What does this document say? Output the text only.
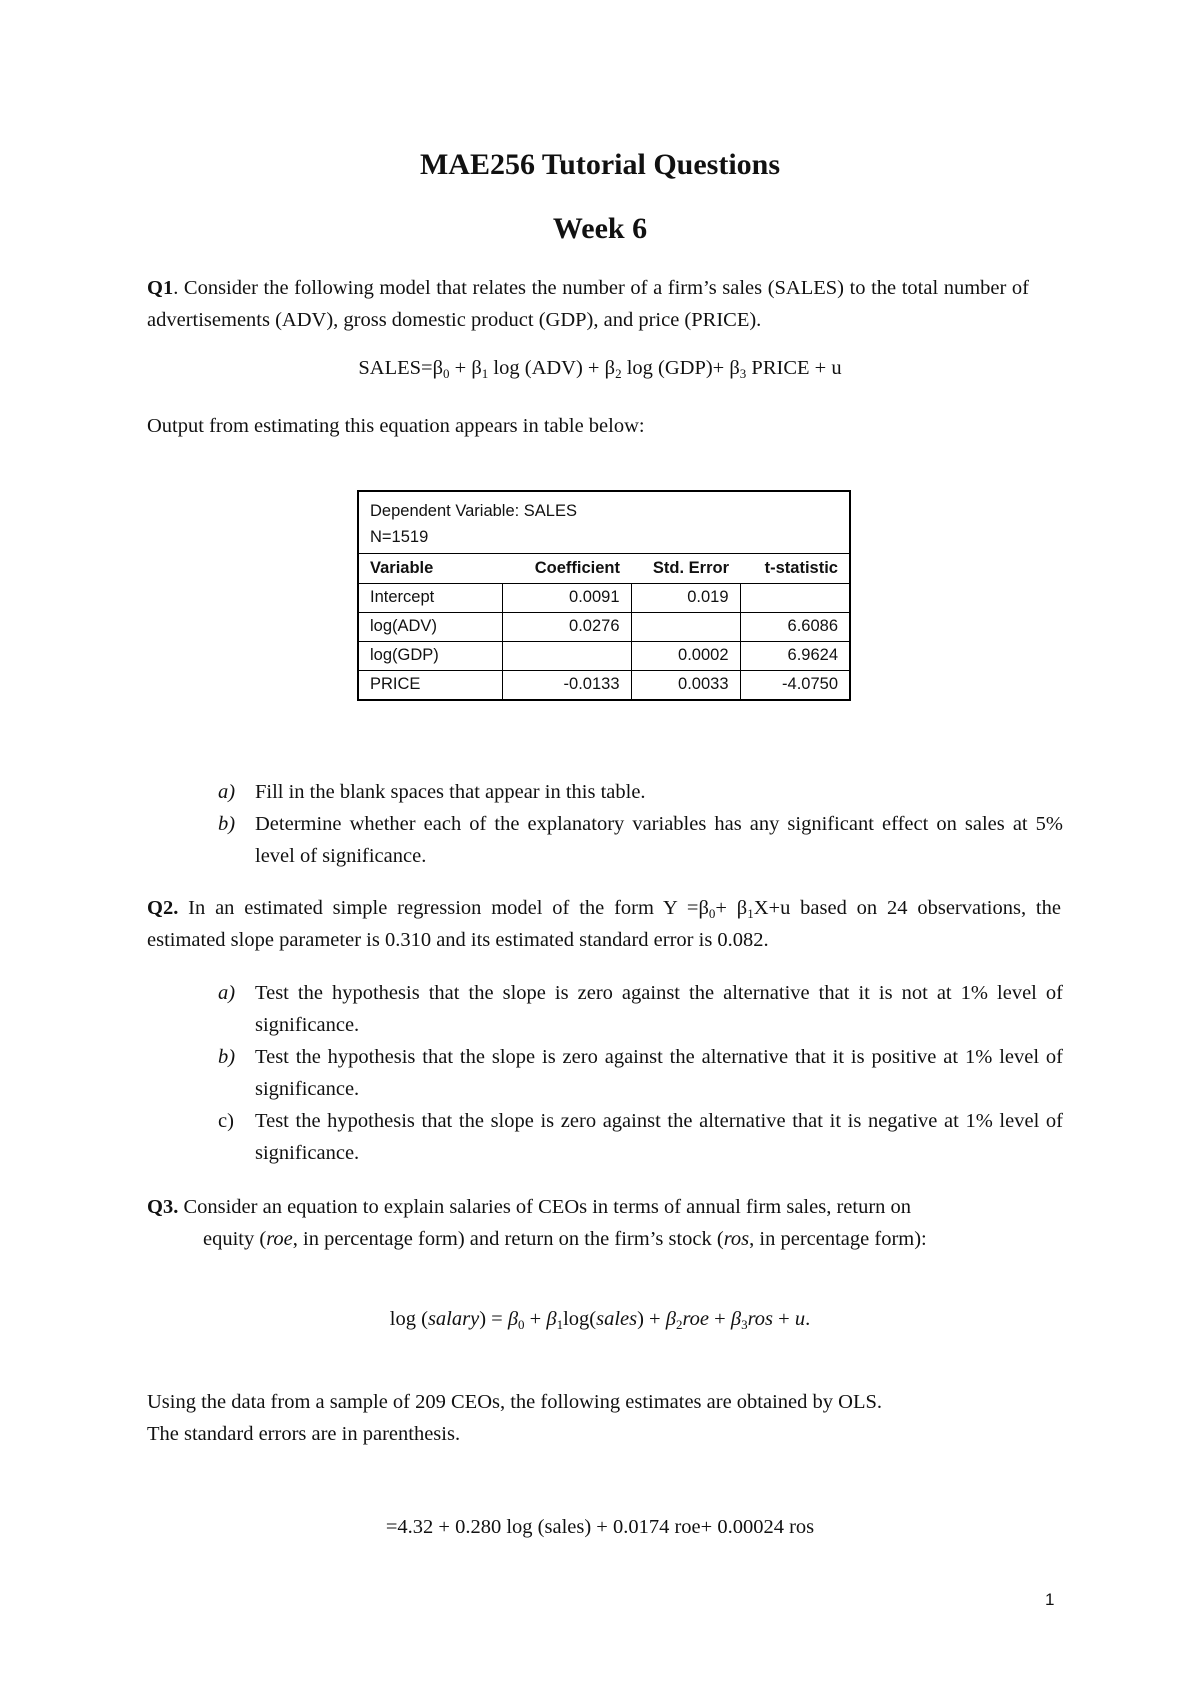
MAE256 Tutorial Questions
Week 6
Q1. Consider the following model that relates the number of a firm’s sales (SALES) to the total number of advertisements (ADV), gross domestic product (GDP), and price (PRICE).
$SALES=\beta_0 + \beta_1$ $\log (ADV) + \beta_2$ $\log (GDP)+ \beta_3$ PRICE + u
Output from estimating this equation appears in table below:
Dependent Variable: SALES
N=1519
Variable	Coefficient	Std. Error	t-statistic
Intercept	0.0091	0.019	
log(ADV)	0.0276		6.6086
log(GDP)		0.0002	6.9624
PRICE	-0.0133	0.0033	-4.0750
a) Fill in the blank spaces that appear in this table.
b) Determine whether each of the explanatory variables has any significant effect on sales at 5% level of significance.
Q2. In an estimated simple regression model of the form $Y =\beta_0+ \beta_1X+u$ based on 24 observations, the estimated slope parameter is 0.310 and its estimated standard error is 0.082.
a) Test the hypothesis that the slope is zero against the alternative that it is not at 1% level of significance.
b) Test the hypothesis that the slope is zero against the alternative that it is positive at 1% level of significance.
c)	Test the hypothesis that the slope is zero against the alternative that it is negative at 1% level of significance.
Q3. Consider an equation to explain salaries of CEOs in terms of annual firm sales, return on
equity (roe, in percentage form) and return on the firm’s stock (ros, in percentage form):
log (salary) = $\beta_0$ + $\beta_1\log(sales) + \beta_2roe + \beta_3ros + u$.
Using the data from a sample of 209 CEOs, the following estimates are obtained by OLS.
The standard errors are in parenthesis.
=4.32 + 0.280 log (sales) + 0.0174 roe+ 0.00024 ros
1
